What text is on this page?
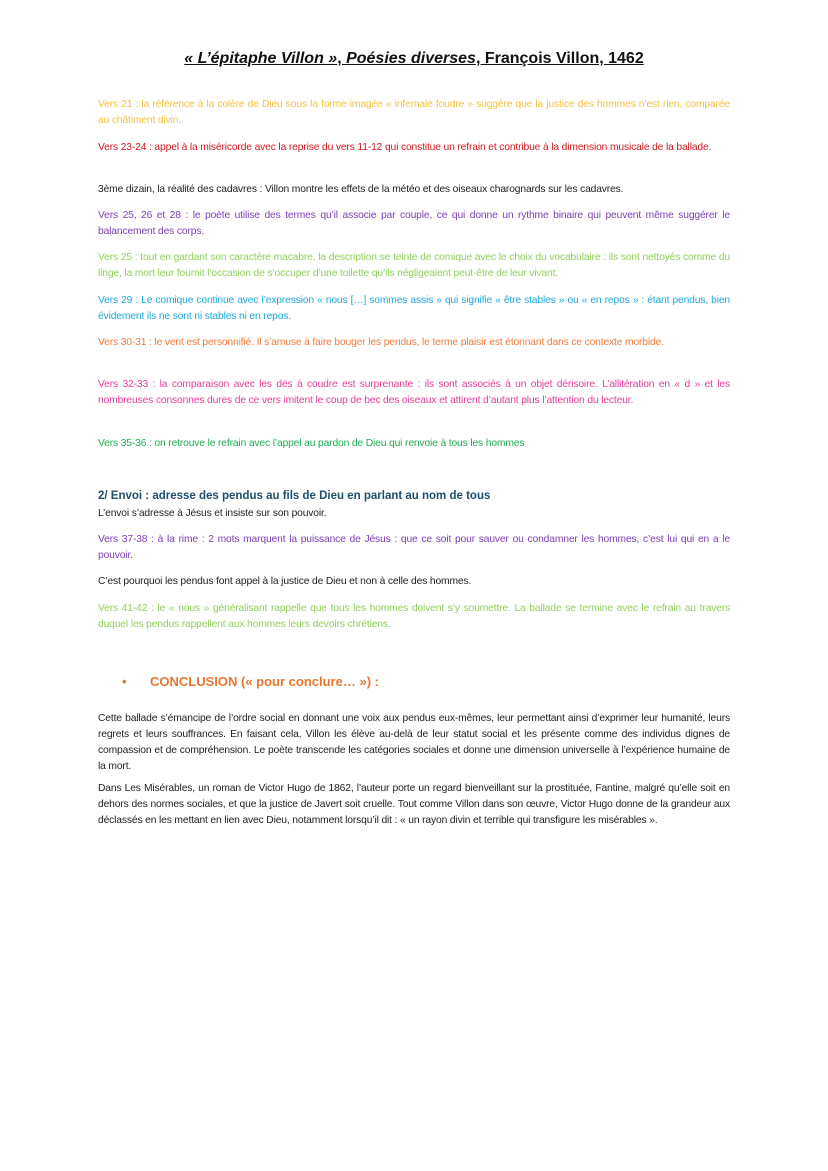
« L’épitaphe Villon », Poésies diverses, François Villon, 1462

Vers 21 : la référence à la colère de Dieu sous la forme imagée « infernale foudre » suggère que la justice des hommes n’est rien, comparée au châtiment divin.

Vers 23-24 : appel à la miséricorde avec la reprise du vers 11-12 qui constitue un refrain et contribue à la dimension musicale de la ballade.

3ème dizain, la réalité des cadavres : Villon montre les effets de la météo et des oiseaux charognards sur les cadavres.

Vers 25, 26 et 28 : le poète utilise des termes qu’il associe par couple, ce qui donne un rythme binaire qui peuvent même suggérer le balancement des corps.

Vers 25 : tout en gardant son caractère macabre, la description se teinte de comique avec le choix du vocabulaire : ils sont nettoyés comme du linge, la mort leur fournit l’occasion de s’occuper d’une toilette qu’ils négligeaient peut-être de leur vivant.

Vers 29 : Le comique continue avec l’expression « nous […] sommes assis » qui signifie « être stables » ou « en repos » : étant pendus, bien évidement ils ne sont ni stables ni en repos.

Vers 30-31 : le vent est personnifié. Il s’amuse à faire bouger les pendus, le terme plaisir est étonnant dans ce contexte morbide.

Vers 32-33 : la comparaison avec les dés à coudre est surprenante : ils sont associés à un objet dérisoire. L’allitération en « d » et les nombreuses consonnes dures de ce vers imitent le coup de bec des oiseaux et attirent d’autant plus l’attention du lecteur.

Vers 35-36 : on retrouve le refrain avec l’appel au pardon de Dieu qui renvoie à tous les hommes

2/ Envoi : adresse des pendus au fils de Dieu en parlant au nom de tous

L’envoi s’adresse à Jésus et insiste sur son pouvoir.

Vers 37-38 : à la rime : 2 mots marquent la puissance de Jésus : que ce soit pour sauver ou condamner les hommes, c’est lui qui en a le pouvoir.

C’est pourquoi les pendus font appel à la justice de Dieu et non à celle des hommes.

Vers 41-42 : le « nous » généralisant rappelle que tous les hommes doivent s’y soumettre. La ballade se termine avec le refrain au travers duquel les pendus rappellent aux hommes leurs devoirs chrétiens.

• CONCLUSION (« pour conclure… ») :

Cette ballade s’émancipe de l’ordre social en donnant une voix aux pendus eux-mêmes, leur permettant ainsi d’exprimer leur humanité, leurs regrets et leurs souffrances. En faisant cela, Villon les élève au-delà de leur statut social et les présente comme des individus dignes de compassion et de compréhension. Le poète transcende les catégories sociales et donne une dimension universelle à l’expérience humaine de la mort.

Dans Les Misérables, un roman de Victor Hugo de 1862, l’auteur porte un regard bienveillant sur la prostituée, Fantine, malgré qu’elle soit en dehors des normes sociales, et que la justice de Javert soit cruelle. Tout comme Villon dans son œuvre, Victor Hugo donne de la grandeur aux déclassés en les mettant en lien avec Dieu, notamment lorsqu’il dit : « un rayon divin et terrible qui transfigure les misérables ».
